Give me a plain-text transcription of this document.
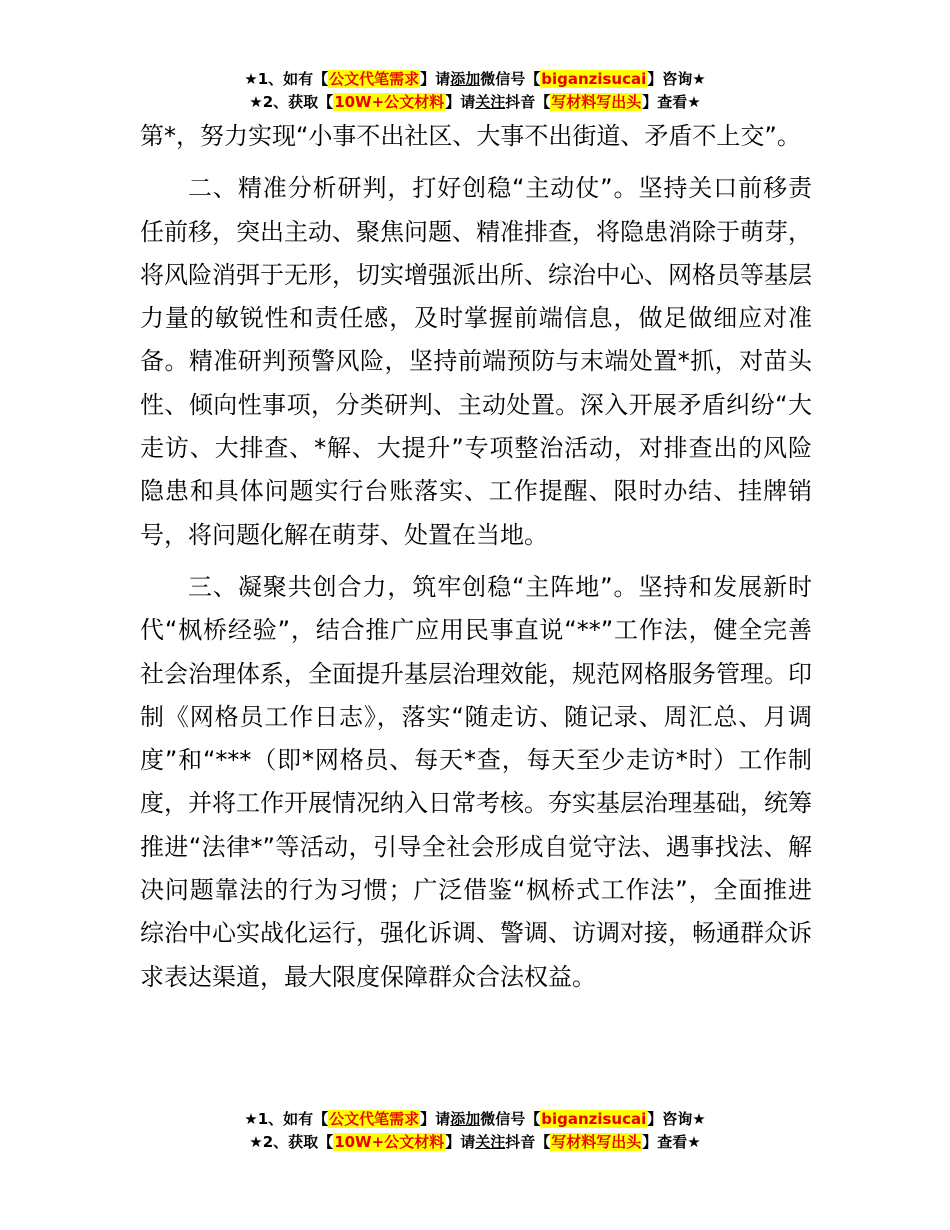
★1、如有【公文代笔需求】请添加微信号【biganzisucai】咨询★
★2、获取【10W+公文材料】请关注抖音【写材料写出头】查看★

第*，努力实现“小事不出社区、大事不出街道、矛盾不上交”。

二、精准分析研判，打好创稳“主动仗”。坚持关口前移责任前移，突出主动、聚焦问题、精准排查，将隐患消除于萌芽，将风险消弭于无形，切实增强派出所、综治中心、网格员等基层力量的敏锐性和责任感，及时掌握前端信息，做足做细应对准备。精准研判预警风险，坚持前端预防与末端处置*抓，对苗头性、倾向性事项，分类研判、主动处置。深入开展矛盾纠纷“大走访、大排查、*解、大提升”专项整治活动，对排查出的风险隐患和具体问题实行台账落实、工作提醒、限时办结、挂牌销号，将问题化解在萌芽、处置在当地。

三、凝聚共创合力，筑牢创稳“主阵地”。坚持和发展新时代“枫桥经验”，结合推广应用民事直说“**”工作法，健全完善社会治理体系，全面提升基层治理效能，规范网格服务管理。印制《网格员工作日志》，落实“随走访、随记录、周汇总、月调度”和“***（即*网格员、每天*查，每天至少走访*时）工作制度，并将工作开展情况纳入日常考核。夯实基层治理基础，统筹推进“法律*”等活动，引导全社会形成自觉守法、遇事找法、解决问题靠法的行为习惯；广泛借鉴“枫桥式工作法”，全面推进综治中心实战化运行，强化诉调、警调、访调对接，畅通群众诉求表达渠道，最大限度保障群众合法权益。

★1、如有【公文代笔需求】请添加微信号【biganzisucai】咨询★
★2、获取【10W+公文材料】请关注抖音【写材料写出头】查看★
